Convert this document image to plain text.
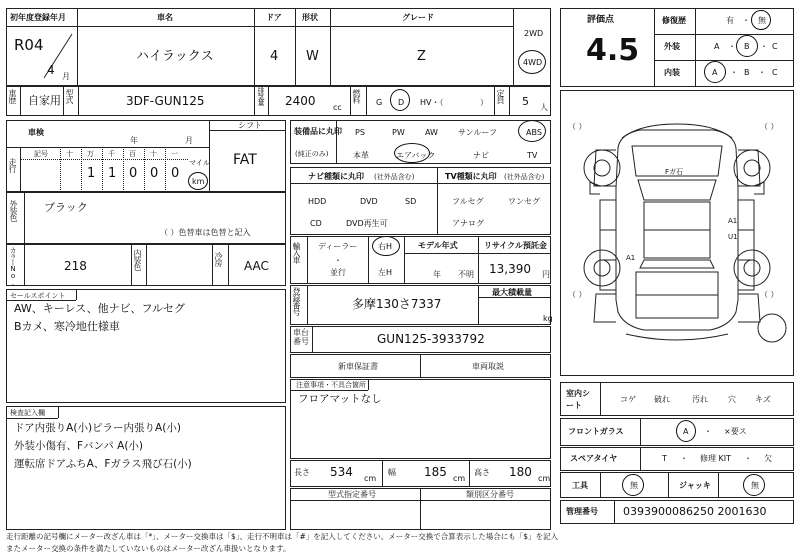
初年度登録年月	車名	ドア	形状	グレード
R04
4 月
ハイラックス	4 W	Z
2WD
4WD
車歴 自家用 型式	3DF-GUN125	排気量 2400 cc
燃料 G D HV・（	） 定員 5 人
車検
年	月
シフト
FAT
走行
記号	十 万 千 百 十 一
1 1 0 0 0
マイル
km
外装色 ブラック
（ ）色替車は色替と記入
カラーNo.	218	内装色	冷房 AAC
セールスポイント
AW、キーレス、他ナビ、フルセグ
Bカメ、寒冷地仕様車
検査記入欄
ドア内張りA(小)ピラー内張りA(小)
外装小傷有、Fバンパ A(小)
運転席ドアふちA、Fガラス飛び石(小)
装備品に丸印
(純正のみ)
PS	PW	AW	サンルーフ	ABS
本革	エアバック	ナビ	TV
ナビ種類に丸印 (社外品含む)
HDD	DVD	SD
CD	DVD再生可
TV種類に丸印 (社外品含む)
フルセグ	ワンセグ
アナログ
輸入車 ディーラー
・
並行
右H
左H
モデル年式
年 不明
リサイクル預託金
13,390 円
登録番号	多摩130さ7337
最大積載量
kg
車台番号	GUN125-3933792
新車保証書	車両取説
注意事項・不具合箇所
フロアマットなし
長さ 534 cm
幅 185 cm
高さ 180 cm
型式指定番号	類別区分番号
評価点
4.5
修復歴	有 ・ 無
外装	A ・ B ・ C
内装	A ・ B ・ C
（ ）	（ ）
（ ）	（ ）
Fガ石
A1
U1
A1
室内シート
コゲ 破れ	汚れ	穴 キズ
フロントガラス	A ・ ×要ス
スペアタイヤ	T ・ 修理 KIT ・ 欠
工具	無	ジャッキ	無
管理番号 0393900086250 2001630
走行距離の記号欄にメーター改ざん車は「*」、メーター交換車は「$」、走行不明車は「#」を記入してください。メーター交換で合算表示した場合にも「$」を記入
またメーター交換の条件を満たしていないものはメーター改ざん車扱いとなります。
